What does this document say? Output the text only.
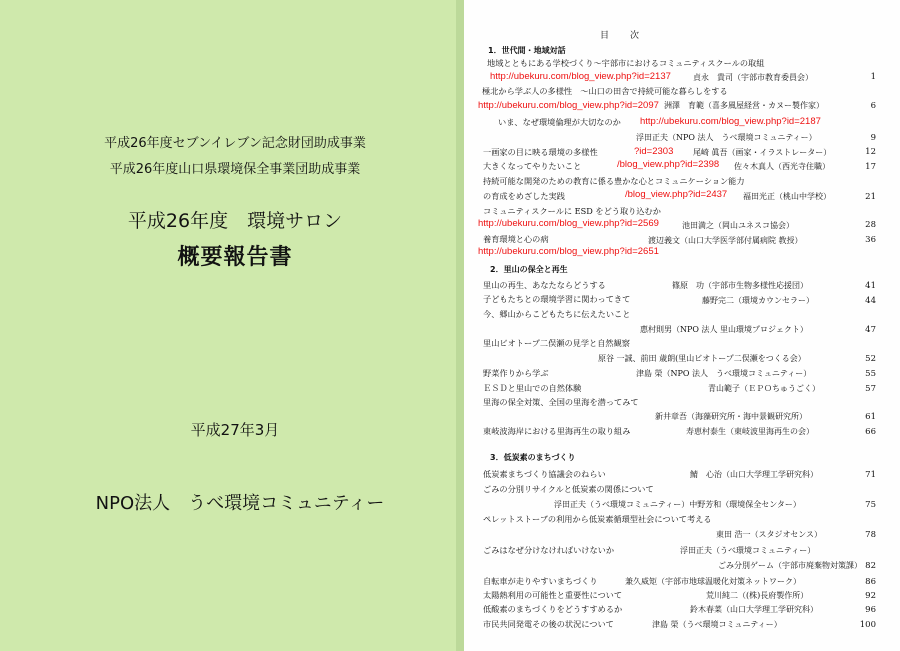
平成26年度セブンイレブン記念財団助成事業
平成26年度山口県環境保全事業団助成事業
平成26年度　環境サロン
概要報告書
平成27年3月
NPO法人　うべ環境コミュニティー
目　次
1．世代間・地域対話
地域とともにある学校づくり～宇部市におけるコミュニティスクールの取組
http://ubekuru.com/blog_view.php?id=2137	貞永　貴司（宇部市教育委員会）	1
極北から学ぶ人の多様性　～山口の田舎で持続可能な暮らしをする
http://ubekuru.com/blog_view.php?id=2097 洲澤　育範（喜多風屋経営・カヌー製作家）	6
いま、なぜ環境倫理が大切なのか http://ubekuru.com/blog_view.php?id=2187
浮田正夫（NPO 法人　うべ環境コミュニティー）	9
一画家の目に映る環境の多様性	?id=2303 尾崎 眞吾（画家・イラストレーター）	12
大きくなってやりたいこと	/blog_view.php?id=2398 佐々木真人（西光寺住職）	17
持続可能な開発のための教育に係る豊かな心とコミュニケーション能力
の育成をめざした実践	/blog_view.php?id=2437 福田光正（桃山中学校）	21
コミュニティスクールに ESD をどう取り込むか
http://ubekuru.com/blog_view.php?id=2569	池田満之（岡山ユネスコ協会）	28
養育環境と心の病
http://ubekuru.com/blog_view.php?id=2651
渡辺義文（山口大学医学部付属病院 教授）	36
2．里山の保全と再生
里山の再生、あなたならどうする	篠原　功（宇部市生物多様性応援団）	41
子どもたちとの環境学習に関わってきて	藤野完二（環境カウンセラー）	44
今、郷山からこどもたちに伝えたいこと
惠村則男（NPO 法人 里山環境プロジェクト）	47
里山ビオトープ二俣瀬の見学と自然観察
原谷 一誠、前田 歳朗(里山ビオトープ二俣瀬をつくる会）	52
野菜作りから学ぶ	津島 榮（NPO 法人　うべ環境コミュニティー）	55
ＥＳＤと里山での自然体験	青山範子（ＥＰＯちゅうごく）	57
里海の保全対策、全国の里海を潜ってみて
新井章吾（海藻研究所・海中景観研究所）	61
東岐波海岸における里海再生の取り組み	寿恵村泰生（東岐波里海再生の会）	66
3．低炭素のまちづくり
低炭素まちづくり協議会のねらい	鯖　心治（山口大学理工学研究科）	71
ごみの分別リサイクルと低炭素の関係について
浮田正夫（うべ環境コミュニティー）中野芳和（環境保全センター）	75
ペレットストーブの利用から低炭素循環型社会について考える
東田 浩一（スタジオセンス）	78
ごみはなぜ分けなければいけないか	浮田正夫（うべ環境コミュニティー）
ごみ分別ゲーム（宇部市廃棄物対策課） 82
自転車が走りやすいまちづくり	兼久威矩（宇部市地球温暖化対策ネットワーク）	86
太陽熱利用の可能性と重要性について	荒川純二（(株)長府製作所）	92
低酸素のまちづくりをどうすすめるか	鈴木春菜（山口大学理工学研究科）	96
市民共同発電その後の状況について	津島 榮（うべ環境コミュニティー）	100
